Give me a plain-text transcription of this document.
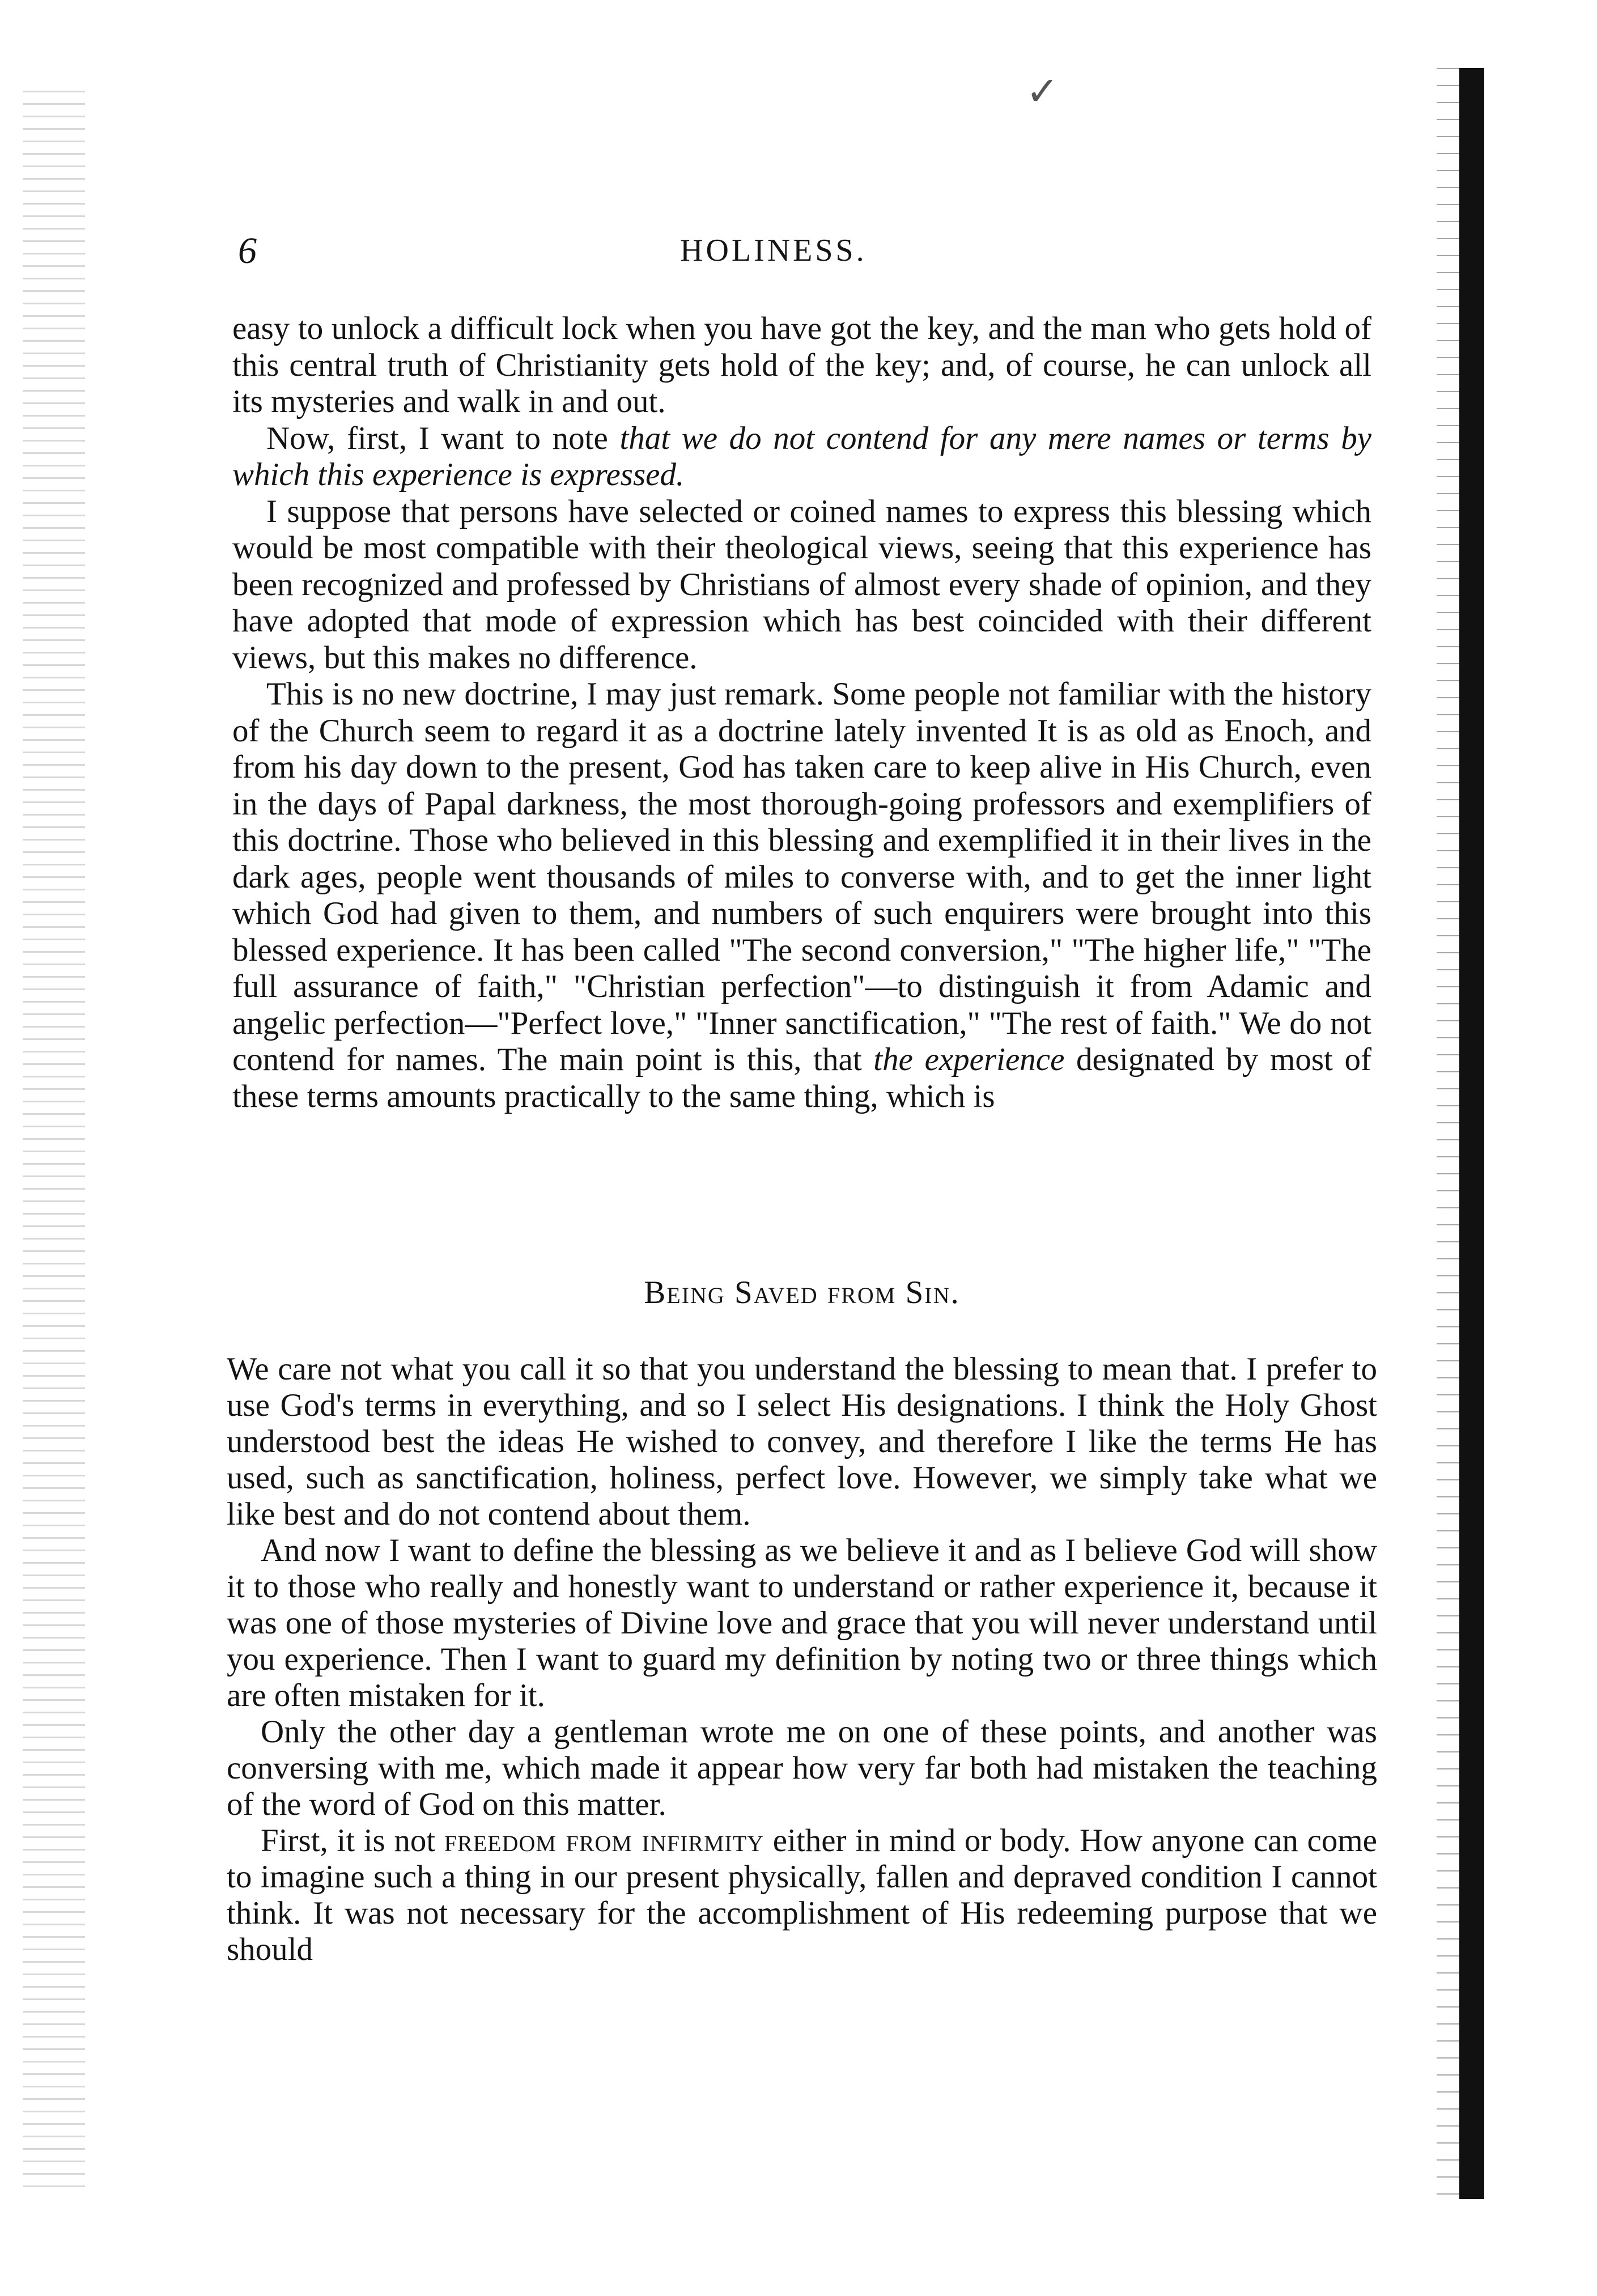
✓
6	HOLINESS.

easy to unlock a difficult lock when you have got the key, and the man who gets hold of this central truth of Christianity gets hold of the key; and, of course, he can unlock all its mysteries and walk in and out.

Now, first, I want to note that we do not contend for any mere names or terms by which this experience is expressed.

I suppose that persons have selected or coined names to express this blessing which would be most compatible with their theological views, seeing that this experience has been recognized and professed by Christians of almost every shade of opinion, and they have adopted that mode of expression which has best coincided with their different views, but this makes no difference.

This is no new doctrine, I may just remark. Some people not familiar with the history of the Church seem to regard it as a doctrine lately invented It is as old as Enoch, and from his day down to the present, God has taken care to keep alive in His Church, even in the days of Papal darkness, the most thorough-going professors and exemplifiers of this doctrine. Those who believed in this blessing and exemplified it in their lives in the dark ages, people went thousands of miles to converse with, and to get the inner light which God had given to them, and numbers of such enquirers were brought into this blessed experience. It has been called "The second conversion," "The higher life," "The full assurance of faith," "Christian perfection"—to distinguish it from Adamic and angelic perfection—"Perfect love," "Inner sanctification," "The rest of faith." We do not contend for names. The main point is this, that the experience designated by most of these terms amounts practically to the same thing, which is

Being Saved from Sin.

We care not what you call it so that you understand the blessing to mean that. I prefer to use God's terms in everything, and so I select His designations. I think the Holy Ghost understood best the ideas He wished to convey, and therefore I like the terms He has used, such as sanctification, holiness, perfect love. However, we simply take what we like best and do not contend about them.

And now I want to define the blessing as we believe it and as I believe God will show it to those who really and honestly want to understand or rather experience it, because it was one of those mysteries of Divine love and grace that you will never understand until you experience. Then I want to guard my definition by noting two or three things which are often mistaken for it.

Only the other day a gentleman wrote me on one of these points, and another was conversing with me, which made it appear how very far both had mistaken the teaching of the word of God on this matter.

First, it is not freedom from infirmity either in mind or body. How anyone can come to imagine such a thing in our present physically, fallen and depraved condition I cannot think. It was not necessary for the accomplishment of His redeeming purpose that we should
